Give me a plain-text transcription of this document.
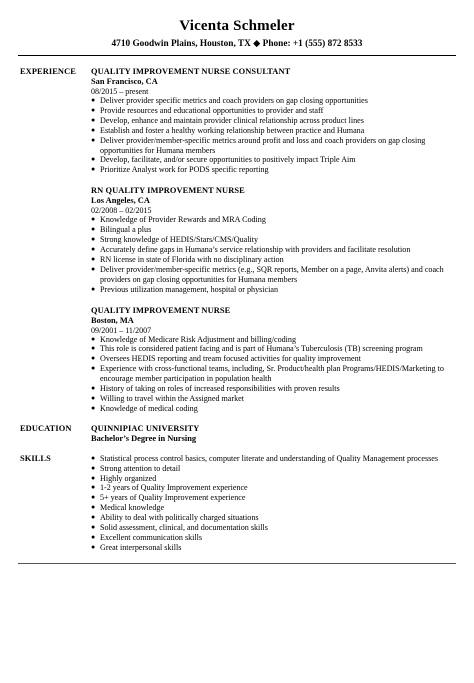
Vicenta Schmeler
4710 Goodwin Plains, Houston, TX ◆ Phone: +1 (555) 872 8533
EXPERIENCE	QUALITY IMPROVEMENT NURSE CONSULTANT
San Francisco, CA
08/2015 – present
● Deliver provider specific metrics and coach providers on gap closing opportunities
● Provide resources and educational opportunities to provider and staff
● Develop, enhance and maintain provider clinical relationship across product lines
● Establish and foster a healthy working relationship between practice and Humana
● Deliver provider/member-specific metrics around profit and loss and coach providers on gap closing opportunities for Humana members
● Develop, facilitate, and/or secure opportunities to positively impact Triple Aim
● Prioritize Analyst work for PODS specific reporting
RN QUALITY IMPROVEMENT NURSE
Los Angeles, CA
02/2008 – 02/2015
● Knowledge of Provider Rewards and MRA Coding
● Bilingual a plus
● Strong knowledge of HEDIS/Stars/CMS/Quality
● Accurately define gaps in Humana’s service relationship with providers and facilitate resolution
● RN license in state of Florida with no disciplinary action
● Deliver provider/member-specific metrics (e.g., SQR reports, Member on a page, Anvita alerts) and coach providers on gap closing opportunities for Humana members
● Previous utilization management, hospital or physician
QUALITY IMPROVEMENT NURSE
Boston, MA
09/2001 – 11/2007
● Knowledge of Medicare Risk Adjustment and billing/coding
● This role is considered patient facing and is part of Humana’s Tuberculosis (TB) screening program
● Oversees HEDIS reporting and tream focused activities for quality improvement
● Experience with cross-functional teams, including, Sr. Product/health plan Programs/HEDIS/Marketing to encourage member participation in population health
● History of taking on roles of increased responsibilities with proven results
● Willing to travel within the Assigned market
● Knowledge of medical coding
EDUCATION	QUINNIPIAC UNIVERSITY
Bachelor’s Degree in Nursing
SKILLS	● Statistical process control basics, computer literate and understanding of Quality Management processes
● Strong attention to detail
● Highly organized
● 1-2 years of Quality Improvement experience
● 5+ years of Quality Improvement experience
● Medical knowledge
● Ability to deal with politically charged situations
● Solid assessment, clinical, and documentation skills
● Excellent communication skills
● Great interpersonal skills
